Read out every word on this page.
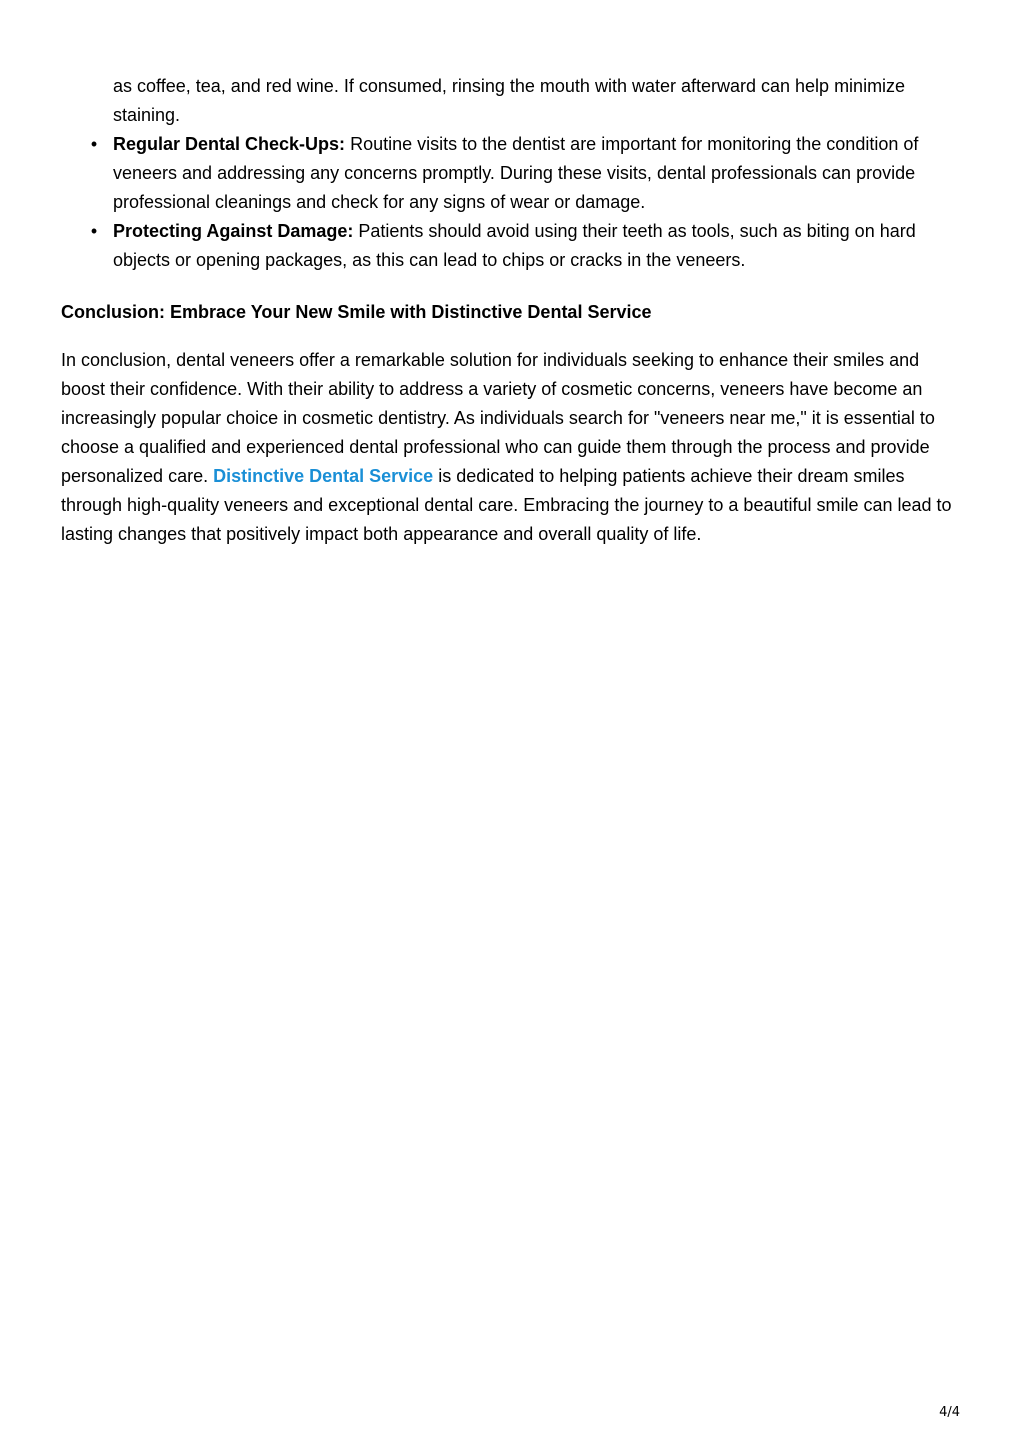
as coffee, tea, and red wine. If consumed, rinsing the mouth with water afterward can help minimize staining.

• Regular Dental Check-Ups: Routine visits to the dentist are important for monitoring the condition of veneers and addressing any concerns promptly. During these visits, dental professionals can provide professional cleanings and check for any signs of wear or damage.
• Protecting Against Damage: Patients should avoid using their teeth as tools, such as biting on hard objects or opening packages, as this can lead to chips or cracks in the veneers.
Conclusion: Embrace Your New Smile with Distinctive Dental Service

In conclusion, dental veneers offer a remarkable solution for individuals seeking to enhance their smiles and boost their confidence. With their ability to address a variety of cosmetic concerns, veneers have become an increasingly popular choice in cosmetic dentistry. As individuals search for "veneers near me," it is essential to choose a qualified and experienced dental professional who can guide them through the process and provide personalized care. Distinctive Dental Service is dedicated to helping patients achieve their dream smiles through high-quality veneers and exceptional dental care. Embracing the journey to a beautiful smile can lead to lasting changes that positively impact both appearance and overall quality of life.

4/4
